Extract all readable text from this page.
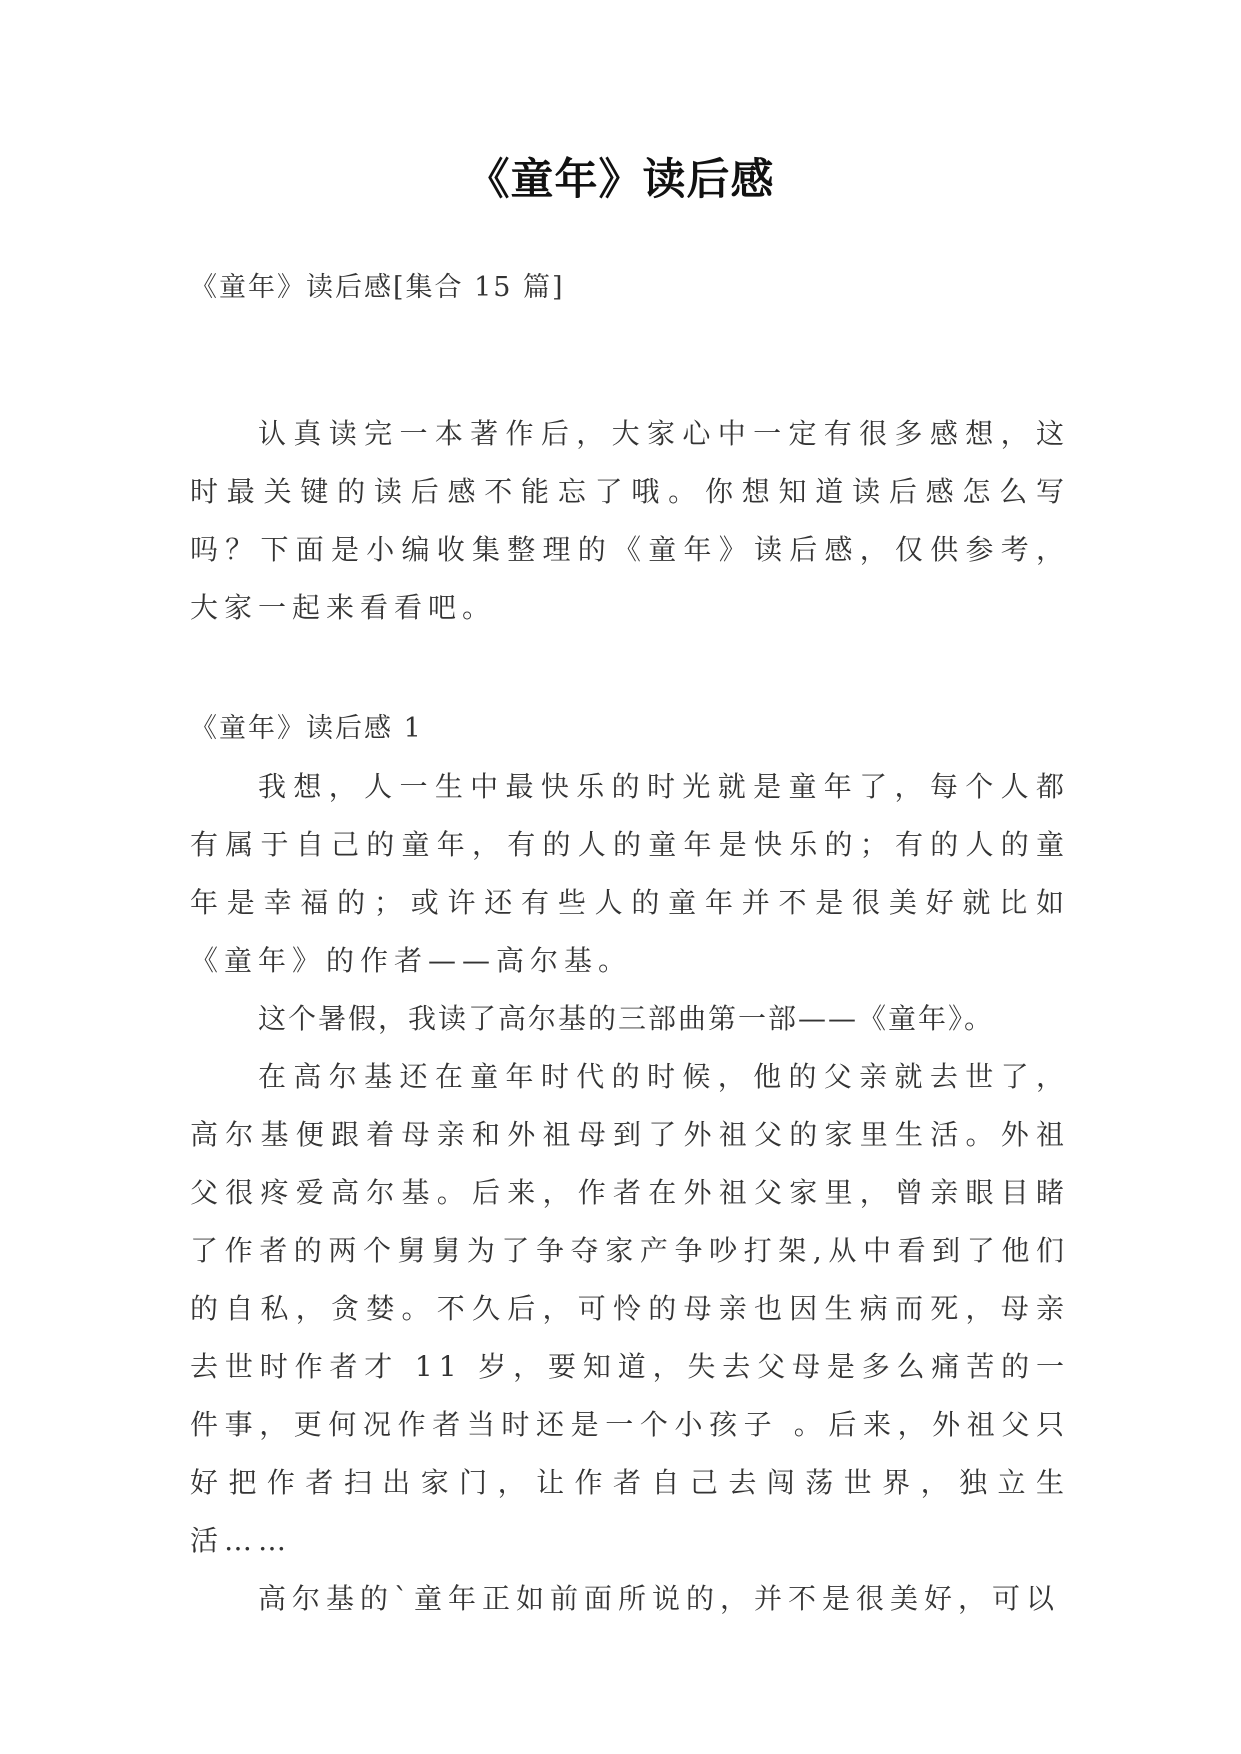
《童年》读后感
《童年》读后感[集合 15 篇]

认真读完一本著作后，大家心中一定有很多感想，这时最关键的读后感不能忘了哦。你想知道读后感怎么写吗？下面是小编收集整理的《童年》读后感，仅供参考，大家一起来看看吧。

《童年》读后感 1

我想，人一生中最快乐的时光就是童年了，每个人都有属于自己的童年，有的人的童年是快乐的；有的人的童年是幸福的；或许还有些人的童年并不是很美好就比如《童年》的作者——高尔基。

这个暑假，我读了高尔基的三部曲第一部——《童年》。

在高尔基还在童年时代的时候，他的父亲就去世了，高尔基便跟着母亲和外祖母到了外祖父的家里生活。外祖父很疼爱高尔基。后来，作者在外祖父家里，曾亲眼目睹了作者的两个舅舅为了争夺家产争吵打架,从中看到了他们的自私，贪婪。不久后，可怜的母亲也因生病而死，母亲去世时作者才 11 岁，要知道，失去父母是多么痛苦的一件事，更何况作者当时还是一个小孩子 。后来，外祖父只好把作者扫出家门，让作者自己去闯荡世界，独立生活……

高尔基的`童年正如前面所说的，并不是很美好，可以
